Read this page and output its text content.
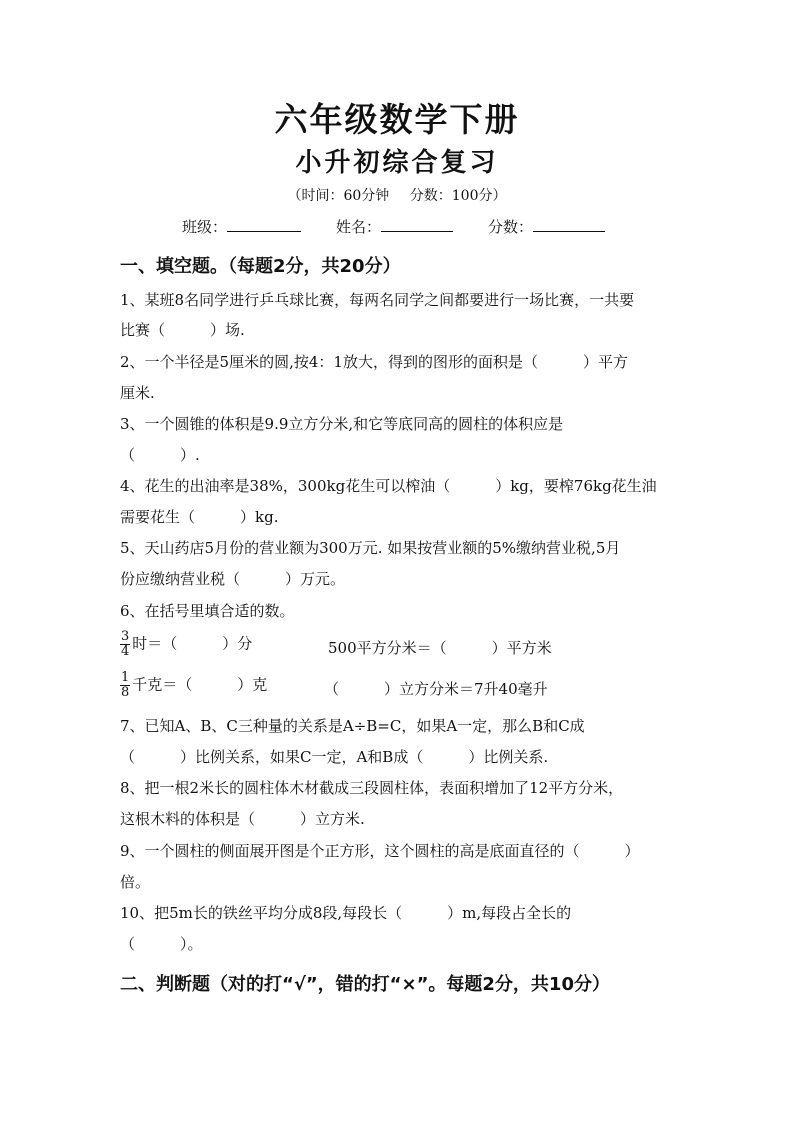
六年级数学下册
小升初综合复习
（时间：60分钟 分数：100分）
班级：	姓名：	分数：
一、填空题。（每题2分，共20分）
1、某班8名同学进行乒乓球比赛，每两名同学之间都要进行一场比赛，一共要
比赛（　　　）场.
2、一个半径是5厘米的圆,按4：1放大，得到的图形的面积是（　　　）平方
厘米.
3、一个圆锥的体积是9.9立方分米,和它等底同高的圆柱的体积应是
（　　　）.
4、花生的出油率是38%，300kg花生可以榨油（　　　）kg，要榨76kg花生油
需要花生（　　　）kg.
5、天山药店5月份的营业额为300万元. 如果按营业额的5%缴纳营业税,5月
份应缴纳营业税（　　　）万元。
6、在括号里填合适的数。
$\frac{3}{4}$ 时＝（　　　）分	500平方分米＝（　　　）平方米
$\frac{1}{8}$ 千克＝（　　　）克	（　　　）立方分米＝7升40毫升
7、已知A、B、C三种量的关系是A÷B=C，如果A一定，那么B和C成
（　　　）比例关系，如果C一定，A和B成（　　　）比例关系.
8、把一根2米长的圆柱体木材截成三段圆柱体，表面积增加了12平方分米，
这根木料的体积是（　　　）立方米.
9、一个圆柱的侧面展开图是个正方形，这个圆柱的高是底面直径的（　　　）
倍。
10、把5m长的铁丝平均分成8段,每段长（　　　）m,每段占全长的
（　　　）。
二、判断题（对的打“√”，错的打“×”。每题2分，共10分）
